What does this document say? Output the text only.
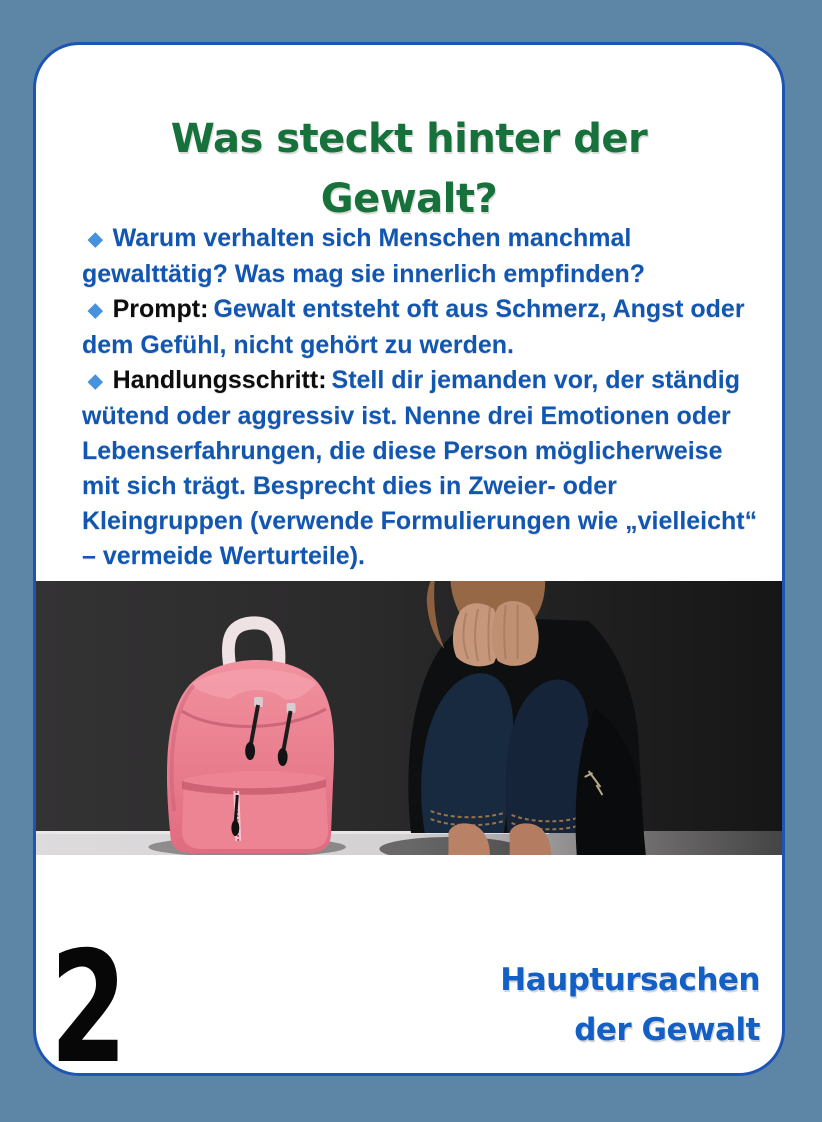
Was steckt hinter der
Gewalt?

◆ Warum verhalten sich Menschen manchmal gewalttätig? Was mag sie innerlich empfinden?

◆ Prompt: Gewalt entsteht oft aus Schmerz, Angst oder dem Gefühl, nicht gehört zu werden.

◆ Handlungsschritt: Stell dir jemanden vor, der ständig wütend oder aggressiv ist. Nenne drei Emotionen oder Lebenserfahrungen, die diese Person möglicherweise mit sich trägt. Besprecht dies in Zweier- oder Kleingruppen (verwende Formulierungen wie „vielleicht“ – vermeide Werturteile).

2	Hauptursachen
der Gewalt
